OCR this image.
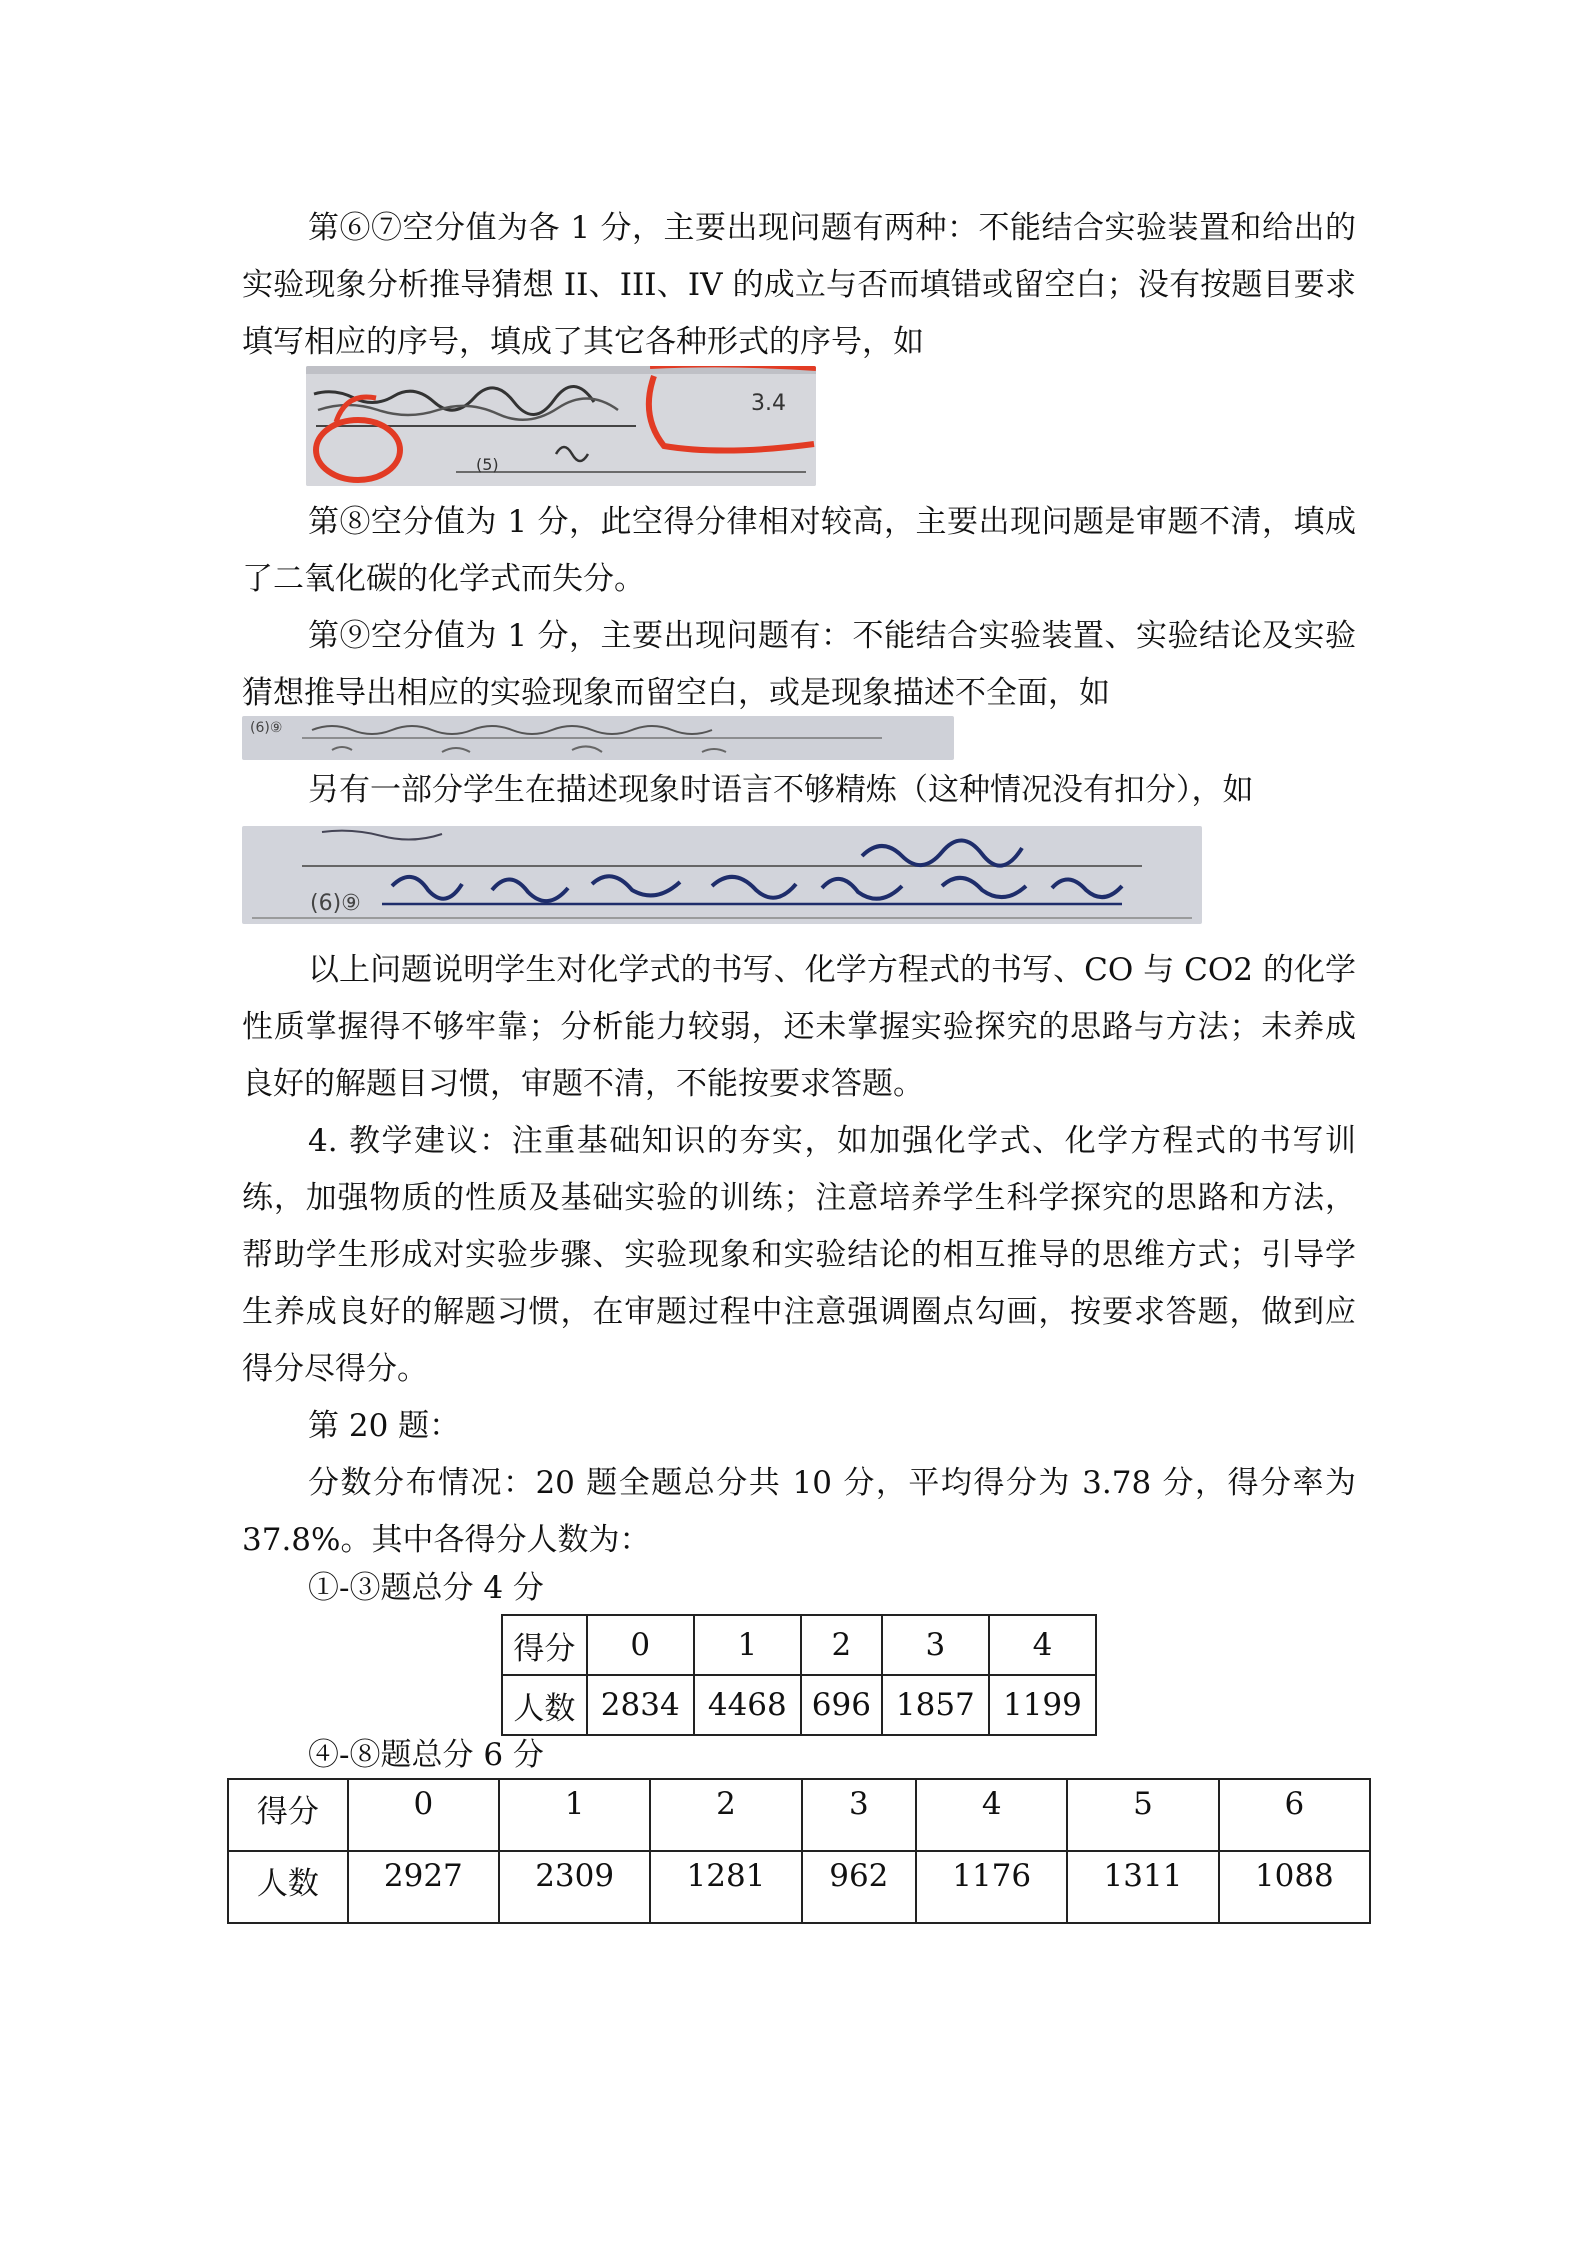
第⑥⑦空分值为各 1 分，主要出现问题有两种：不能结合实验装置和给出的实验现象分析推导猜想 II、III、IV 的成立与否而填错或留空白；没有按题目要求填写相应的序号，填成了其它各种形式的序号，如

(5)
3.4

第⑧空分值为 1 分，此空得分律相对较高，主要出现问题是审题不清，填成了二氧化碳的化学式而失分。

第⑨空分值为 1 分，主要出现问题有：不能结合实验装置、实验结论及实验猜想推导出相应的实验现象而留空白，或是现象描述不全面，如

(6)⑨

另有一部分学生在描述现象时语言不够精炼（这种情况没有扣分），如

(6)⑨

以上问题说明学生对化学式的书写、化学方程式的书写、CO 与 CO2 的化学性质掌握得不够牢靠；分析能力较弱，还未掌握实验探究的思路与方法；未养成良好的解题目习惯，审题不清，不能按要求答题。

4. 教学建议：注重基础知识的夯实，如加强化学式、化学方程式的书写训练，加强物质的性质及基础实验的训练；注意培养学生科学探究的思路和方法，帮助学生形成对实验步骤、实验现象和实验结论的相互推导的思维方式；引导学生养成良好的解题习惯，在审题过程中注意强调圈点勾画，按要求答题，做到应得分尽得分。

第 20 题：

分数分布情况：20 题全题总分共 10 分，平均得分为 3.78 分，得分率为 37.8%。其中各得分人数为：

①-③题总分 4 分

得分	0	1	2	3	4
人数	2834	4468	696	1857	1199

④-⑧题总分 6 分

得分	0	1	2	3	4	5	6
人数	2927	2309	1281	962	1176	1311	1088
